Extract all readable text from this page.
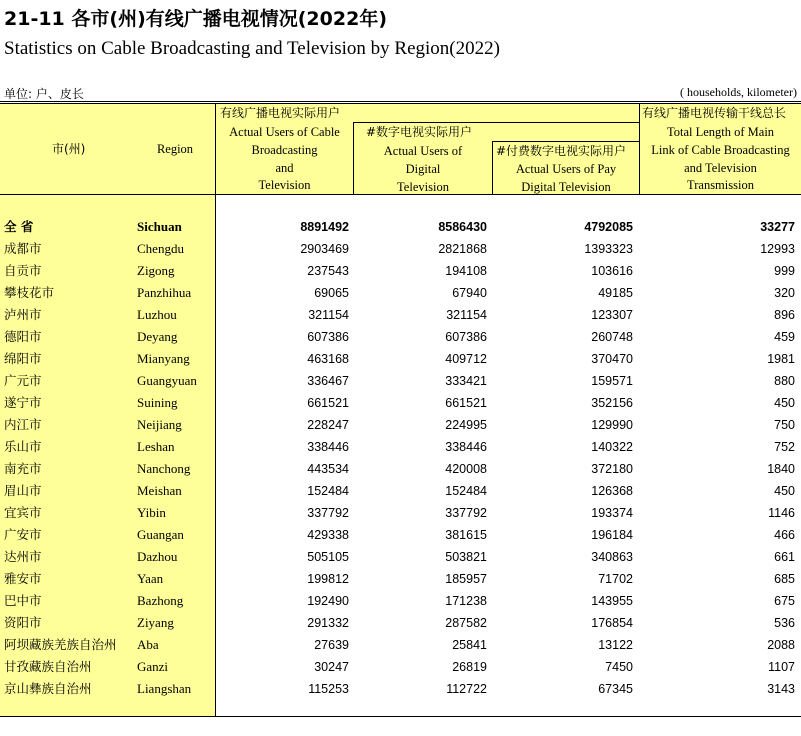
21-11 各市(州)有线广播电视情况(2022年)
Statistics on Cable Broadcasting and Television by Region(2022)
单位: 户、皮长	( households, kilometer)
市(州)	Region
有线广播电视实际用户
Actual Users of Cable
Broadcasting
and
Television
#数字电视实际用户
Actual Users of
Digital
Television
#付费数字电视实际用户
Actual Users of Pay
Digital Television
有线广播电视传输干线总长
Total Length of Main
Link of Cable Broadcasting
and Television
Transmission
全 省	Sichuan	8891492	8586430	4792085	33277
成都市	Chengdu	2903469	2821868	1393323	12993
自贡市	Zigong	237543	194108	103616	999
攀枝花市	Panzhihua	69065	67940	49185	320
泸州市	Luzhou	321154	321154	123307	896
德阳市	Deyang	607386	607386	260748	459
绵阳市	Mianyang	463168	409712	370470	1981
广元市	Guangyuan	336467	333421	159571	880
遂宁市	Suining	661521	661521	352156	450
内江市	Neijiang	228247	224995	129990	750
乐山市	Leshan	338446	338446	140322	752
南充市	Nanchong	443534	420008	372180	1840
眉山市	Meishan	152484	152484	126368	450
宜宾市	Yibin	337792	337792	193374	1146
广安市	Guangan	429338	381615	196184	466
达州市	Dazhou	505105	503821	340863	661
雅安市	Yaan	199812	185957	71702	685
巴中市	Bazhong	192490	171238	143955	675
资阳市	Ziyang	291332	287582	176854	536
阿坝藏族羌族自治州 Aba	27639	25841	13122	2088
甘孜藏族自治州	Ganzi	30247	26819	7450	1107
京山彝族自治州	Liangshan	115253	112722	67345	3143
